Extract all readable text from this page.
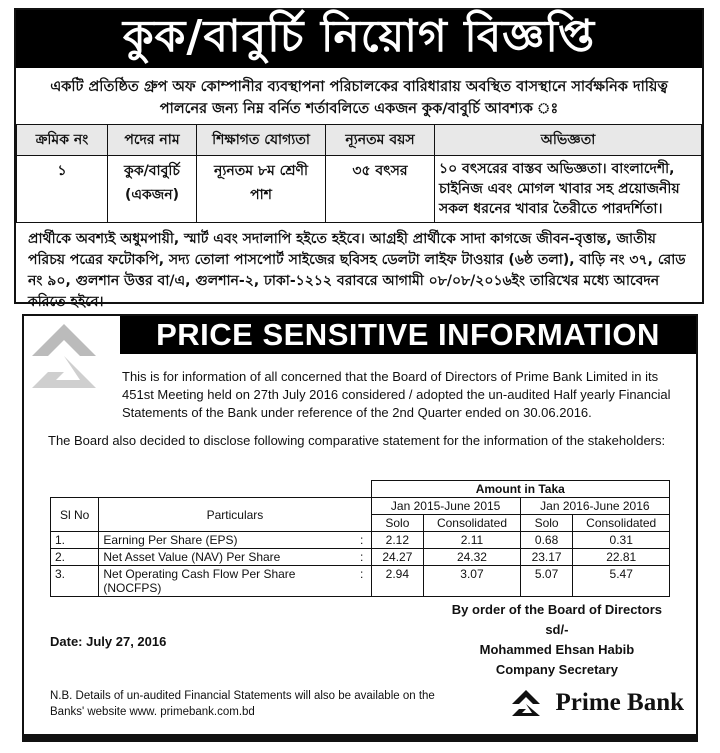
কুক/বাবুর্চি নিয়োগ বিজ্ঞপ্তি
একটি প্রতিষ্ঠিত গ্রুপ অফ কোম্পানীর ব্যবস্থাপনা পরিচালকের বারিধারায় অবস্থিত বাসস্থানে সার্বক্ষনিক দায়িত্ব পালনের জন্য নিম্ন বর্নিত শর্তাবলিতে একজন কুক/বাবুর্চি আবশ্যক ঃ
ক্রমিক নং	পদের নাম	শিক্ষাগত যোগ্যতা	ন্যূনতম বয়স	অভিজ্ঞতা
১	কুক/বাবুর্চি (একজন)	ন্যূনতম ৮ম শ্রেণী পাশ	৩৫ বৎসর	১০ বৎসরের বাস্তব অভিজ্ঞতা। বাংলাদেশী, চাইনিজ এবং মোগল খাবার সহ প্রয়োজনীয় সকল ধরনের খাবার তৈরীতে পারদর্শিতা।
প্রার্থীকে অবশ্যই অধুমপায়ী, স্মার্ট এবং সদালাপি হইতে হইবে। আগ্রহী প্রার্থীকে সাদা কাগজে জীবন-বৃত্তান্ত, জাতীয় পরিচয় পত্রের ফটোকপি, সদ্য তোলা পাসপোর্ট সাইজের ছবিসহ ডেলটা লাইফ টাওয়ার (৬ষ্ঠ তলা), বাড়ি নং ৩৭, রোড নং ৯০, গুলশান উত্তর বা/এ, গুলশান-২, ঢাকা-১২১২ বরাবরে আগামী ০৮/০৮/২০১৬ইং তারিখের মধ্যে আবেদন করিতে হইবে।
PRICE SENSITIVE INFORMATION
This is for information of all concerned that the Board of Directors of Prime Bank Limited in its 451st Meeting held on 27th July 2016 considered / adopted the un-audited Half yearly Financial Statements of the Bank under reference of the 2nd Quarter ended on 30.06.2016.
The Board also decided to disclose following comparative statement for the information of the stakeholders:
			Amount in Taka			
Sl No	Particulars		Jan 2015-June 2015		Jan 2016-June 2016	
			Solo	Consolidated	Solo	Consolidated
1.	Earning Per Share (EPS)	:	2.12	2.11	0.68	0.31
2.	Net Asset Value (NAV) Per Share	:	24.27	24.32	23.17	22.81
3.	Net Operating Cash Flow Per Share (NOCFPS)	:	2.94	3.07	5.07	5.47
By order of the Board of Directors
sd/-
Mohammed Ehsan Habib
Company Secretary
Date: July 27, 2016
N.B. Details of un-audited Financial Statements will also be available on the Banks' website www. primebank.com.bd	Prime Bank
